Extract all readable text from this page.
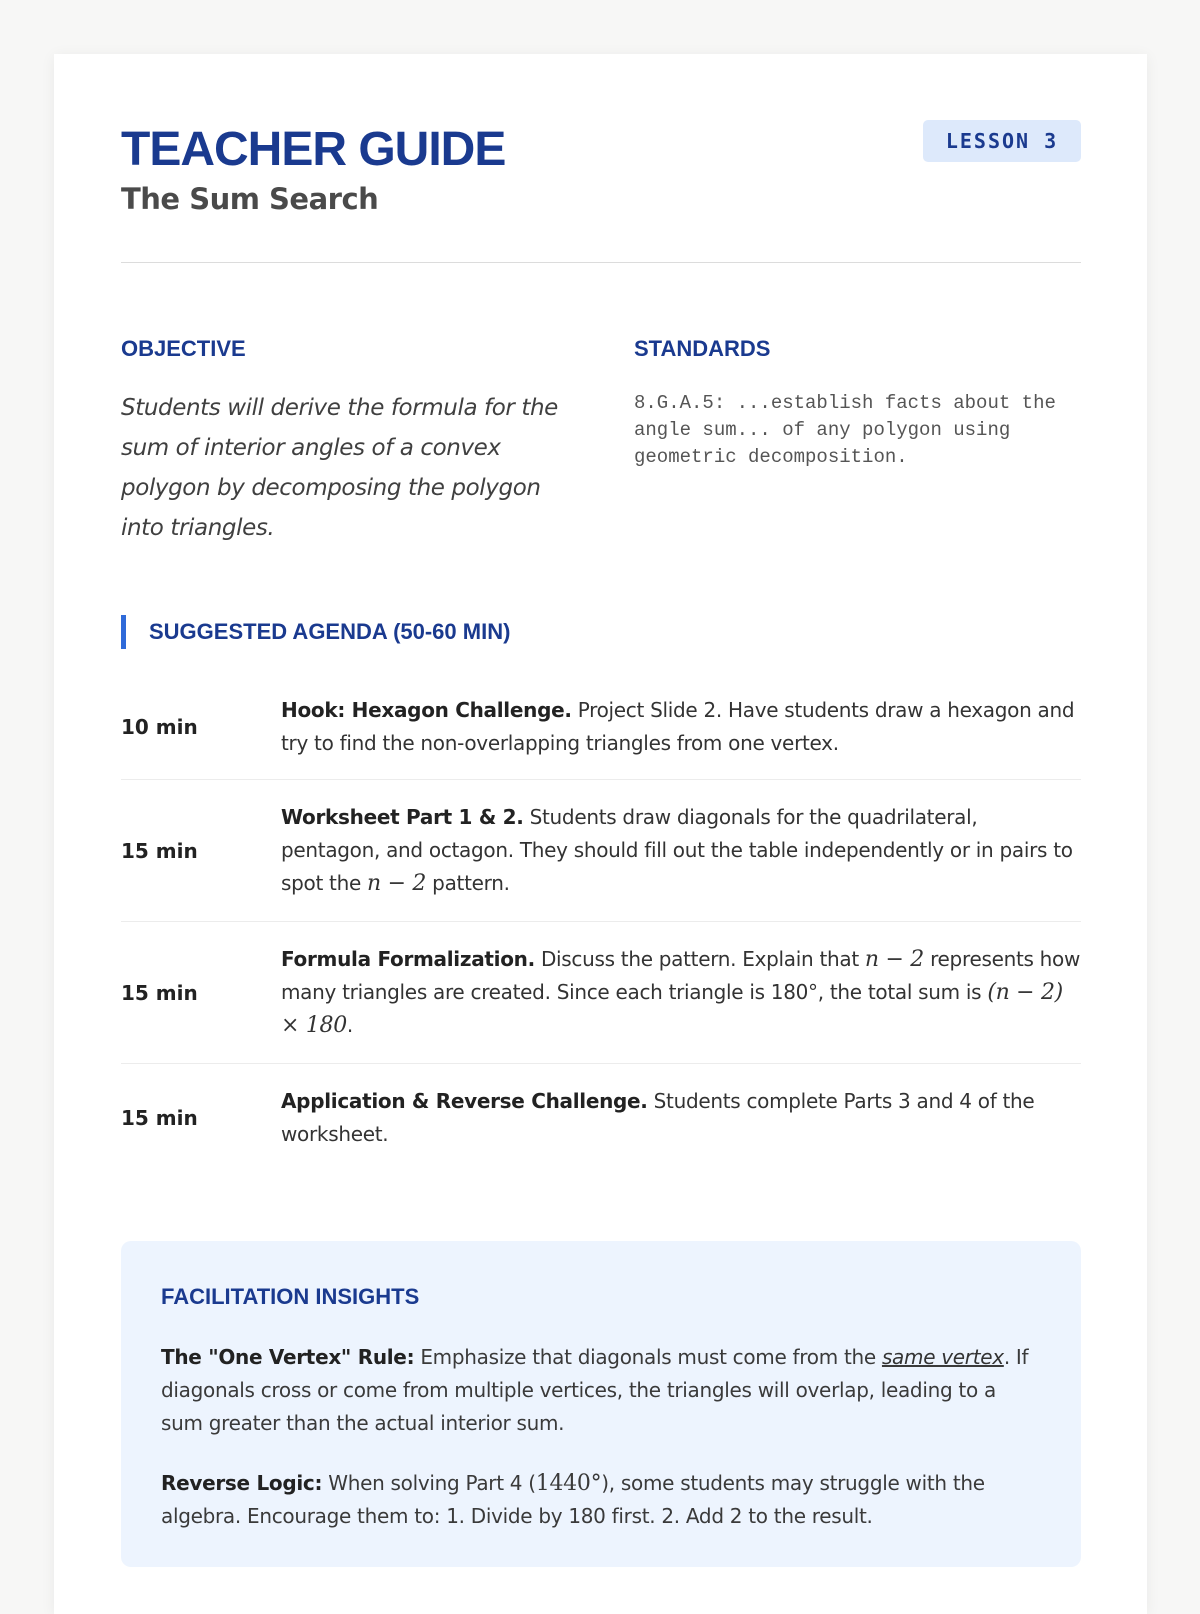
TEACHER GUIDE
The Sum Search
LESSON 3
OBJECTIVE

Students will derive the formula for the sum of interior angles of a convex polygon by decomposing the polygon into triangles.

STANDARDS

8.G.A.5: ...establish facts about the angle sum... of any polygon using geometric decomposition.

SUGGESTED AGENDA (50-60 MIN)
10 min
Hook: Hexagon Challenge. Project Slide 2. Have students draw a hexagon and try to find the non-overlapping triangles from one vertex.
15 min
Worksheet Part 1 & 2. Students draw diagonals for the quadrilateral, pentagon, and octagon. They should fill out the table independently or in pairs to spot the n − 2 pattern.
15 min
Formula Formalization. Discuss the pattern. Explain that n − 2 represents how many triangles are created. Since each triangle is 180°, the total sum is (n − 2) × 180.
15 min
Application & Reverse Challenge. Students complete Parts 3 and 4 of the worksheet.
FACILITATION INSIGHTS

The "One Vertex" Rule: Emphasize that diagonals must come from the same vertex. If diagonals cross or come from multiple vertices, the triangles will overlap, leading to a sum greater than the actual interior sum.

Reverse Logic: When solving Part 4 (1440°), some students may struggle with the algebra. Encourage them to: 1. Divide by 180 first. 2. Add 2 to the result.
